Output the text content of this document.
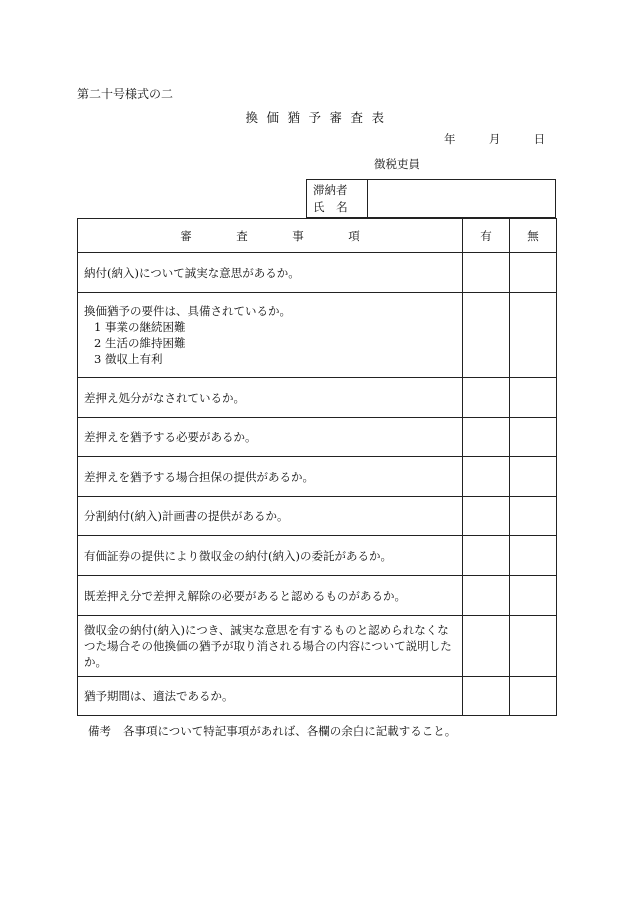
第二十号様式の二
換 価 猶 予 審 査 表
年	月	日
徴税吏員
滞納者
氏 名
審 査 事 項	有	無
納付(納入)について誠実な意思があるか。		
換価猶予の要件は、具備されているか。
1 事業の継続困難
2 生活の維持困難
3 徴収上有利		

差押え処分がなされているか。		
差押えを猶予する必要があるか。		
差押えを猶予する場合担保の提供があるか。		
分割納付(納入)計画書の提供があるか。		
有価証券の提供により徴収金の納付(納入)の委託があるか。		
既差押え分で差押え解除の必要があると認めるものがあるか。		
徴収金の納付(納入)につき、誠実な意思を有するものと認められなくなつた場合その他換価の猶予が取り消される場合の内容について説明したか。		
猶予期間は、適法であるか。		
備考 各事項について特記事項があれば、各欄の余白に記載すること。
